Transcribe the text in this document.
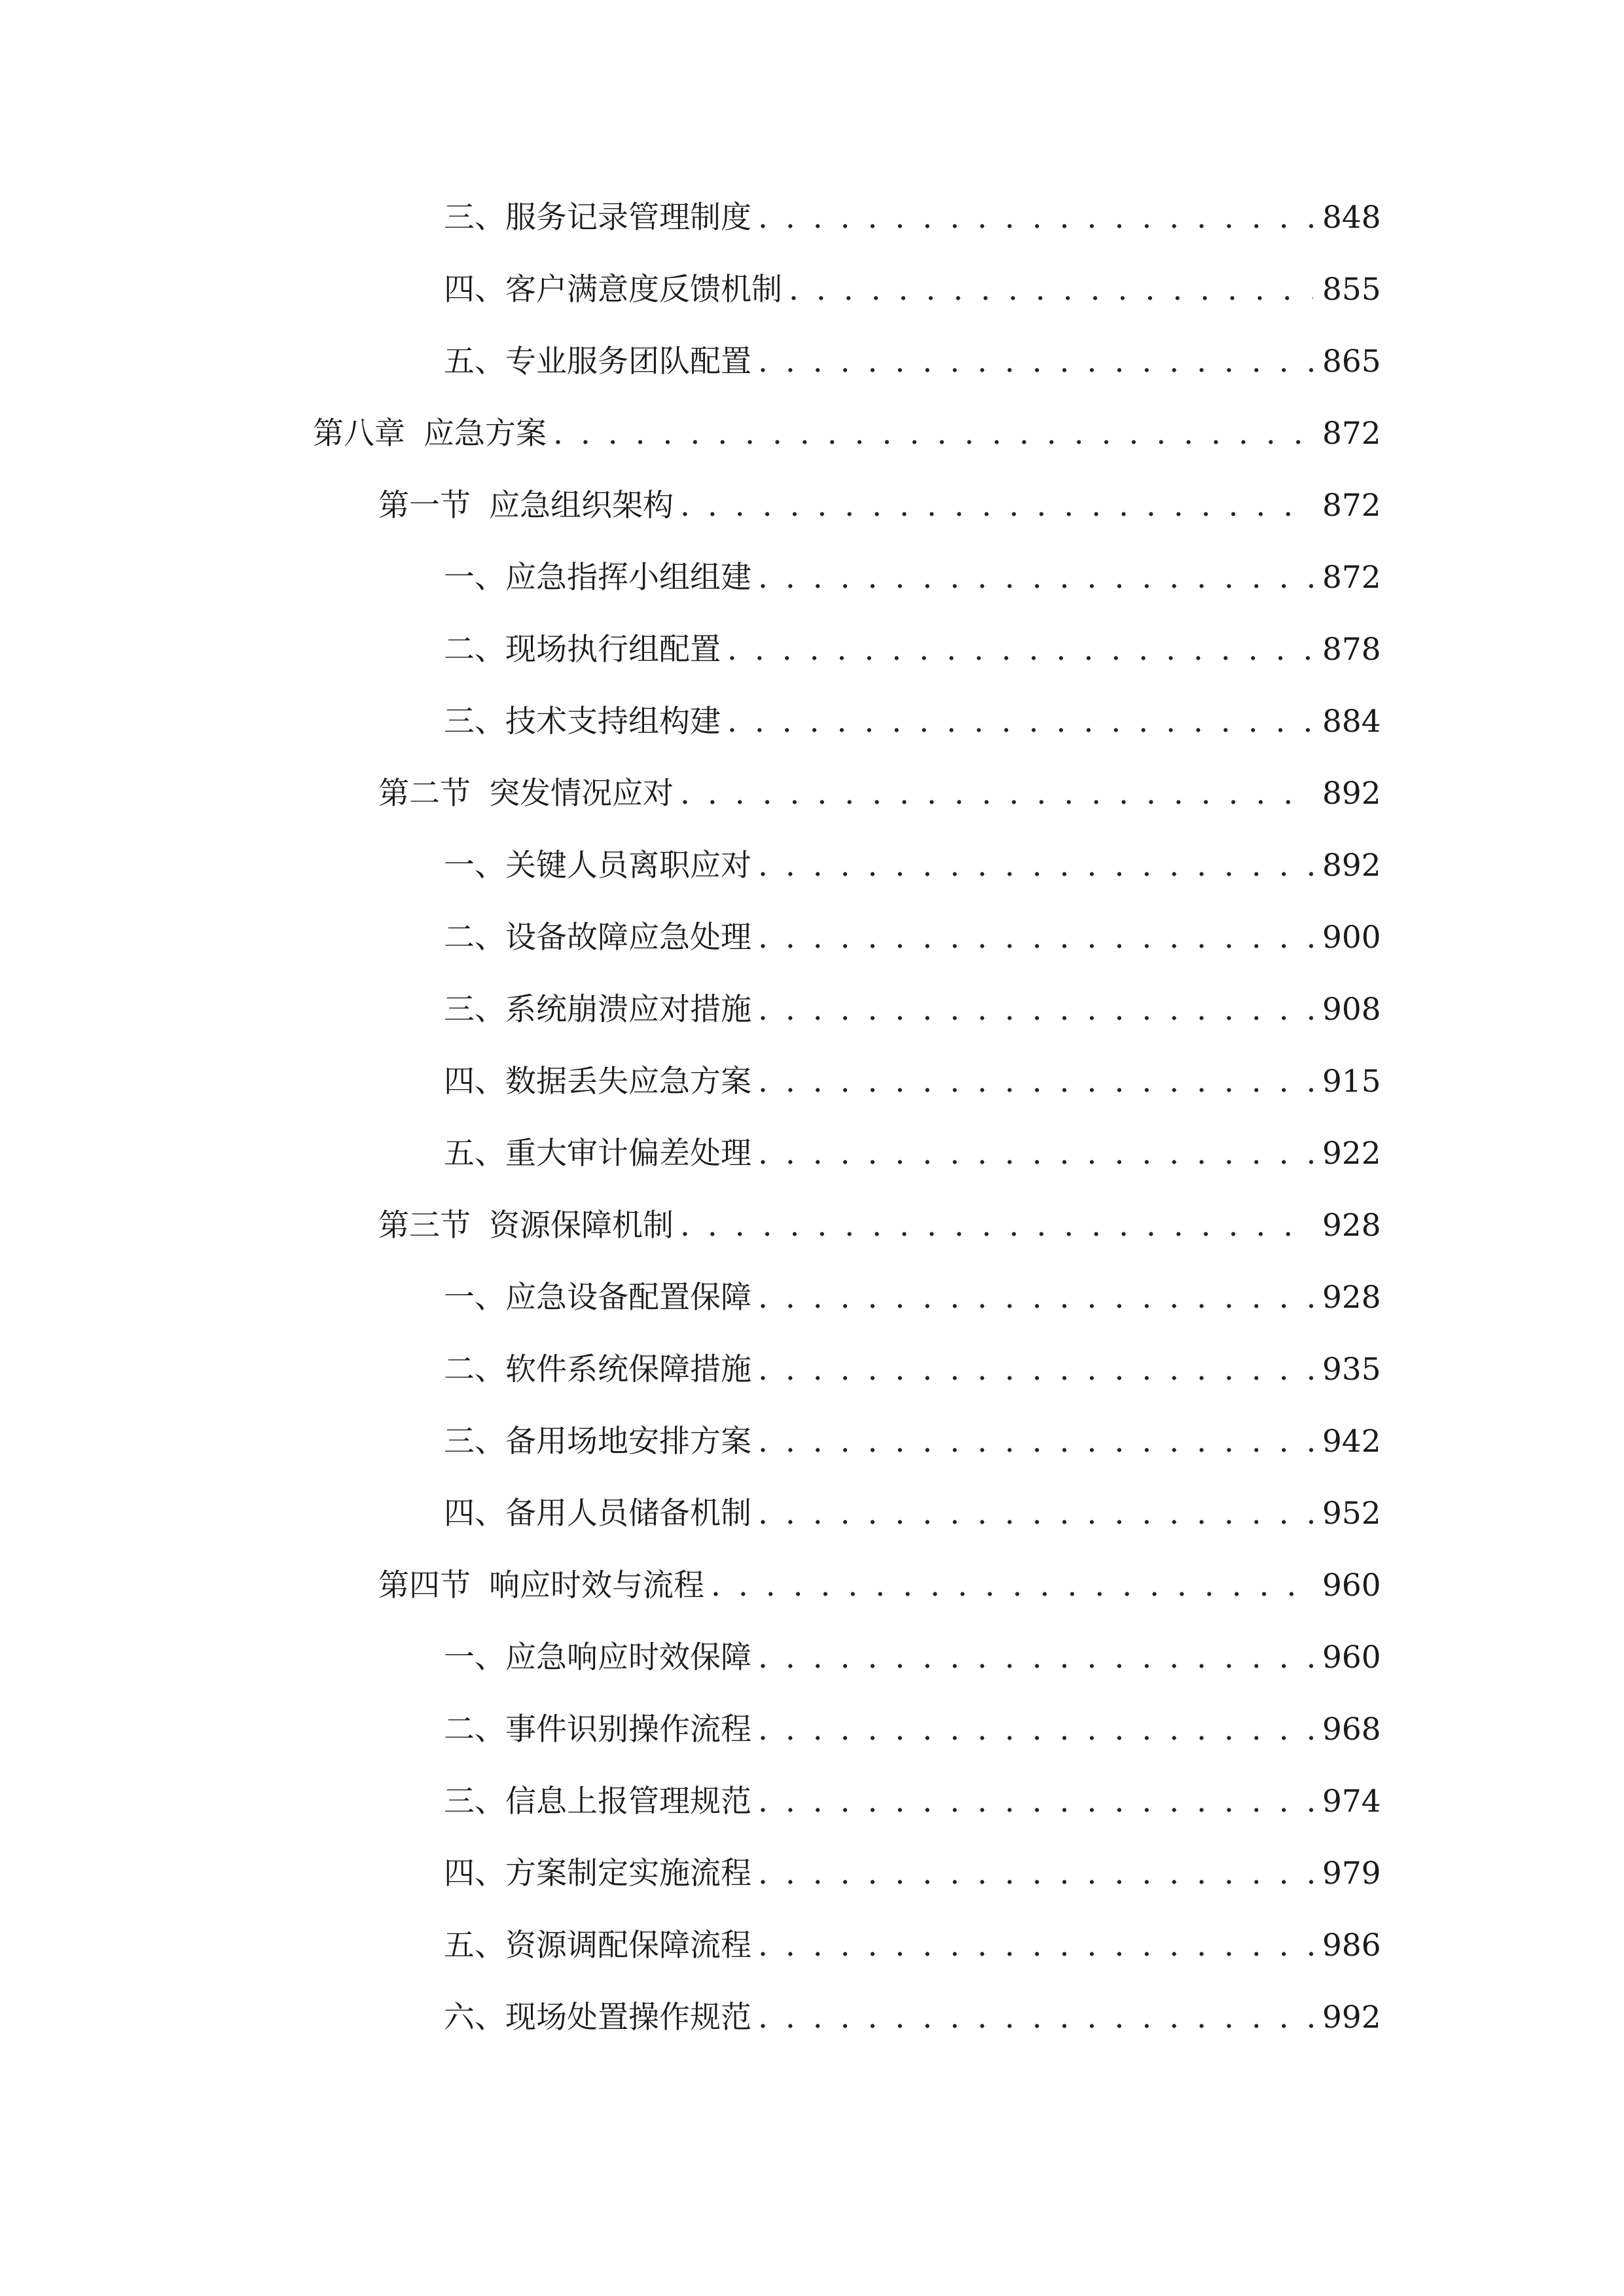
三、 服务记录管理制度 . . .	848
四、 客户满意度反馈机制 . . .	855
五、 专业服务团队配置 . . .	865
第八章 应急方案 . . .	872
第一节 应急组织架构 . . .	872
一、 应急指挥小组组建 . . .	872
二、 现场执行组配置 . . .	878
三、 技术支持组构建 . . .	884
第二节 突发情况应对 . . .	892
一、 关键人员离职应对 . . .	892
二、 设备故障应急处理 . . .	900
三、 系统崩溃应对措施 . . .	908
四、 数据丢失应急方案 . . .	915
五、 重大审计偏差处理 . . .	922
第三节 资源保障机制 . . .	928
一、 应急设备配置保障 . . .	928
二、 软件系统保障措施 . . .	935
三、 备用场地安排方案 . . .	942
四、 备用人员储备机制 . . .	952
第四节 响应时效与流程 . . .	960
一、 应急响应时效保障 . . .	960
二、 事件识别操作流程 . . .	968
三、 信息上报管理规范 . . .	974
四、 方案制定实施流程 . . .	979
五、 资源调配保障流程 . . .	986
六、 现场处置操作规范 . . .	992
